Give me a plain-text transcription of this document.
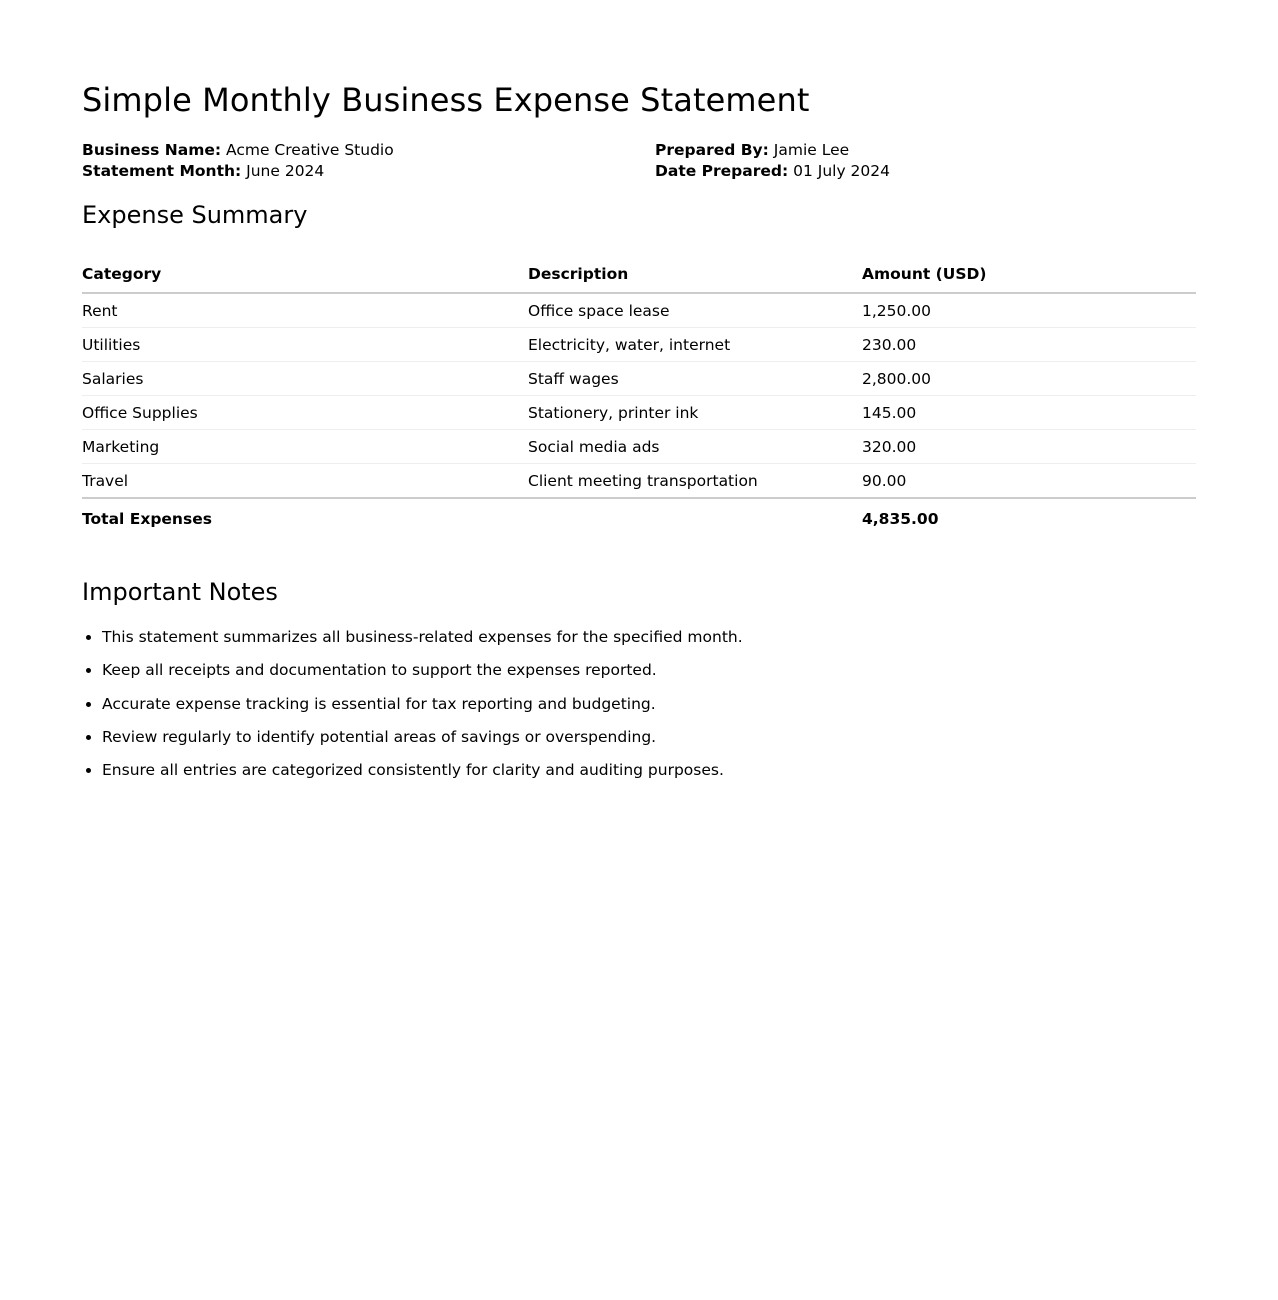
Simple Monthly Business Expense Statement
Business Name: Acme Creative Studio
Statement Month: June 2024
Prepared By: Jamie Lee
Date Prepared: 01 July 2024
Expense Summary
Category	Description	Amount (USD)
Rent	Office space lease	1,250.00
Utilities	Electricity, water, internet	230.00
Salaries	Staff wages	2,800.00
Office Supplies	Stationery, printer ink	145.00
Marketing	Social media ads	320.00
Travel	Client meeting transportation	90.00
Total Expenses		4,835.00
Important Notes
• This statement summarizes all business-related expenses for the specified month.
• Keep all receipts and documentation to support the expenses reported.
• Accurate expense tracking is essential for tax reporting and budgeting.
• Review regularly to identify potential areas of savings or overspending.
• Ensure all entries are categorized consistently for clarity and auditing purposes.
